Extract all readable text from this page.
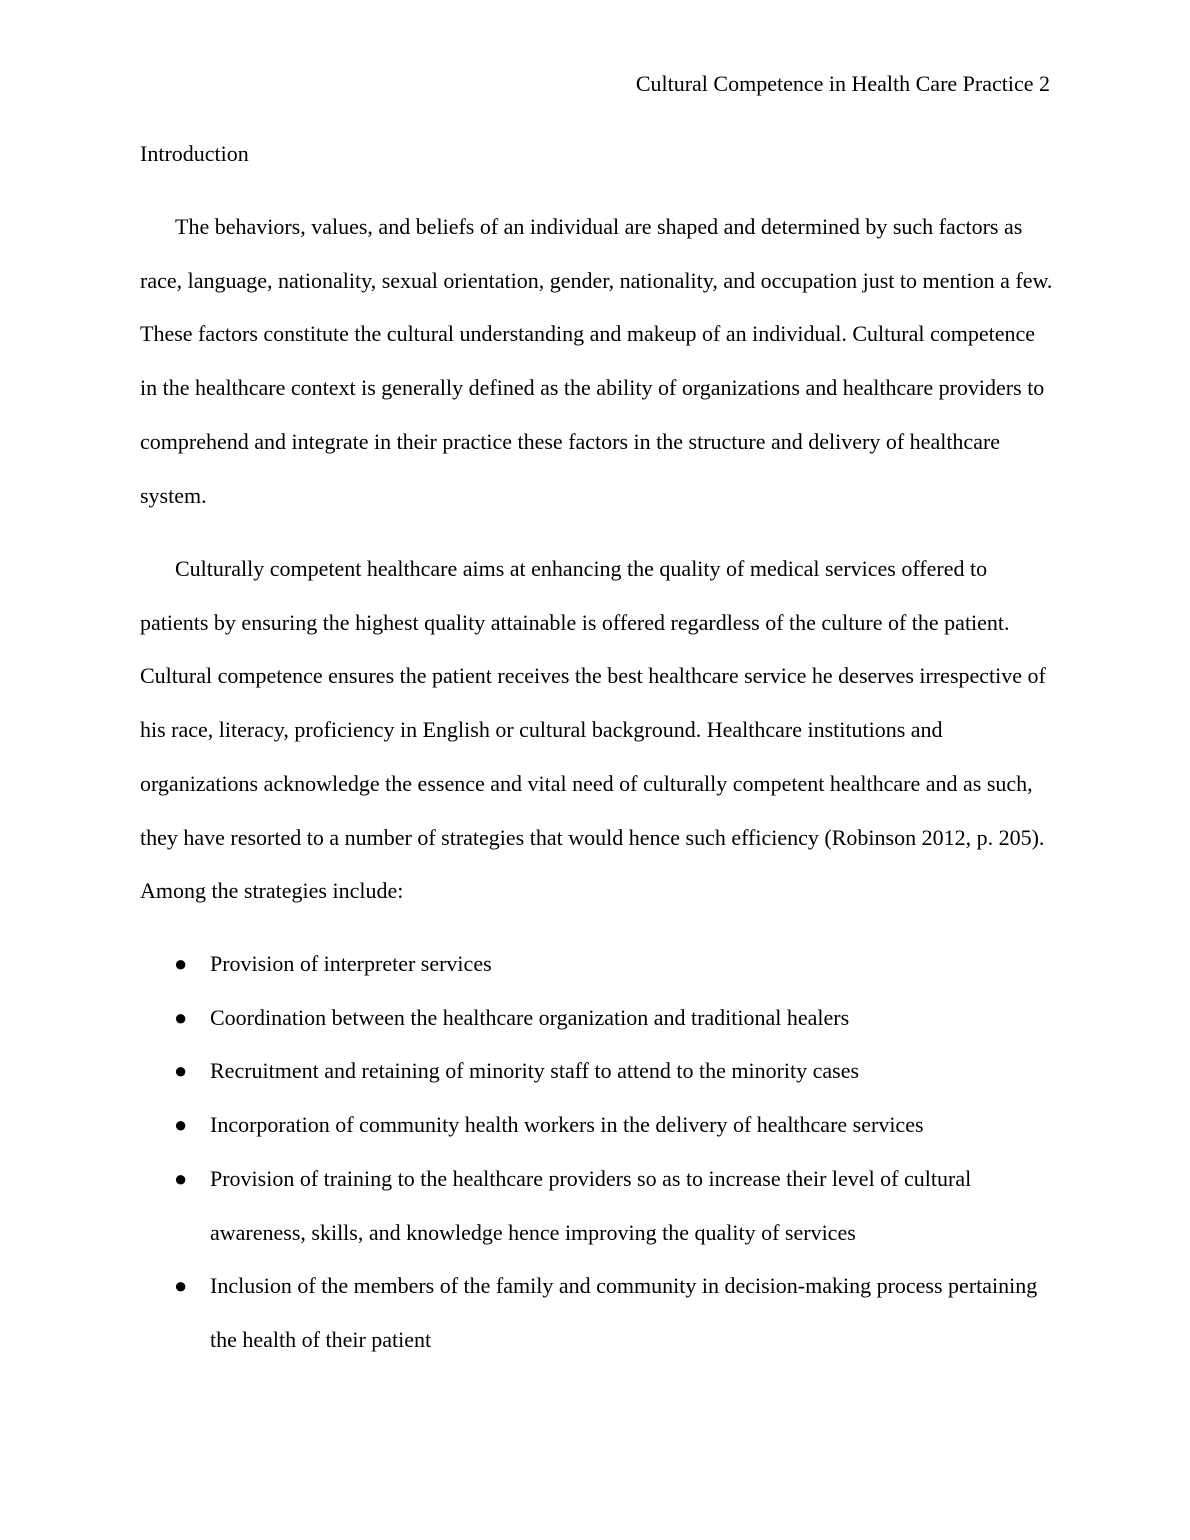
Cultural Competence in Health Care Practice 2
Introduction

The behaviors, values, and beliefs of an individual are shaped and determined by such factors as race, language, nationality, sexual orientation, gender, nationality, and occupation just to mention a few. These factors constitute the cultural understanding and makeup of an individual. Cultural competence in the healthcare context is generally defined as the ability of organizations and healthcare providers to comprehend and integrate in their practice these factors in the structure and delivery of healthcare system.

Culturally competent healthcare aims at enhancing the quality of medical services offered to patients by ensuring the highest quality attainable is offered regardless of the culture of the patient. Cultural competence ensures the patient receives the best healthcare service he deserves irrespective of his race, literacy, proficiency in English or cultural background. Healthcare institutions and organizations acknowledge the essence and vital need of culturally competent healthcare and as such, they have resorted to a number of strategies that would hence such efficiency (Robinson 2012, p. 205). Among the strategies include:

● Provision of interpreter services
● Coordination between the healthcare organization and traditional healers
● Recruitment and retaining of minority staff to attend to the minority cases
● Incorporation of community health workers in the delivery of healthcare services
● Provision of training to the healthcare providers so as to increase their level of cultural awareness, skills, and knowledge hence improving the quality of services
● Inclusion of the members of the family and community in decision-making process pertaining the health of their patient
